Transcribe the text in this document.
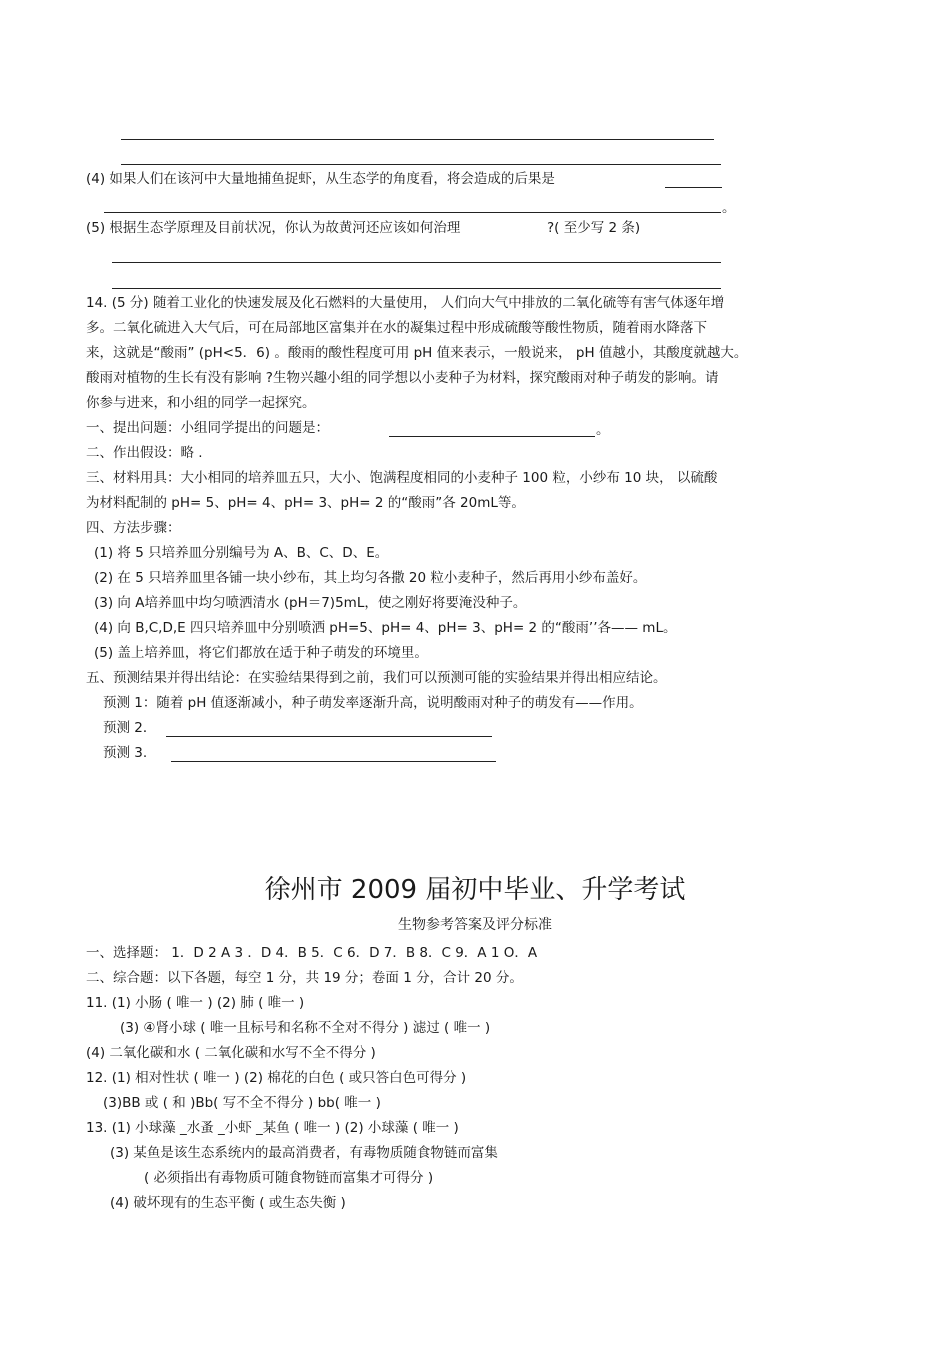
(4) 如果人们在该河中大量地捕鱼捉虾，从生态学的角度看，将会造成的后果是
。
(5) 根据生态学原理及目前状况，你认为故黄河还应该如何治理	?( 至少写 2 条)
14. (5 分) 随着工业化的快速发展及化石燃料的大量使用， 人们向大气中排放的二氧化硫等有害气体逐年增
多。二氧化硫进入大气后，可在局部地区富集并在水的凝集过程中形成硫酸等酸性物质，随着雨水降落下
来，这就是“酸雨” (pH<5．6) 。酸雨的酸性程度可用 pH 值来表示，一般说来， pH 值越小，其酸度就越大。
酸雨对植物的生长有没有影响 ?生物兴趣小组的同学想以小麦种子为材料，探究酸雨对种子萌发的影响。请
你参与进来，和小组的同学一起探究。
一、提出问题：小组同学提出的问题是：	。
二、作出假设：略 .
三、材料用具：大小相同的培养皿五只，大小、饱满程度相同的小麦种子 100 粒，小纱布 10 块， 以硫酸
为材料配制的 pH= 5、pH= 4、pH= 3、pH= 2 的“酸雨”各 20mL等。
四、方法步骤：
(1) 将 5 只培养皿分别编号为 A、B、C、D、E。
(2) 在 5 只培养皿里各铺一块小纱布，其上均匀各撒 20 粒小麦种子，然后再用小纱布盖好。
(3) 向 A培养皿中均匀喷洒清水 (pH＝7)5mL，使之刚好将要淹没种子。
(4) 向 B,C,D,E 四只培养皿中分别喷洒 pH=5、pH= 4、pH= 3、pH= 2 的“酸雨’’各—— mL。
(5) 盖上培养皿，将它们都放在适于种子萌发的环境里。
五、预测结果并得出结论：在实验结果得到之前，我们可以预测可能的实验结果并得出相应结论。
预测 1：随着 pH 值逐渐减小，种子萌发率逐渐升高，说明酸雨对种子的萌发有——作用。
预测 2．
预测 3.
徐州市 2009 届初中毕业、升学考试
生物参考答案及评分标准
一、选择题： 1．D 2 A 3 ．D 4．B 5．C 6．D 7．B 8．C 9．A 1 O．A
二、综合题：以下各题，每空 1 分，共 19 分；卷面 1 分，合计 20 分。
11. (1) 小肠 ( 唯一 ) (2) 肺 ( 唯一 )
(3) ④肾小球 ( 唯一且标号和名称不全对不得分 ) 滤过 ( 唯一 )
(4) 二氧化碳和水 ( 二氧化碳和水写不全不得分 )
12. (1) 相对性状 ( 唯一 ) (2) 棉花的白色 ( 或只答白色可得分 )
(3)BB 或 ( 和 )Bb( 写不全不得分 ) bb( 唯一 )
13. (1) 小球藻 _水蚤 _小虾 _某鱼 ( 唯一 ) (2) 小球藻 ( 唯一 )
(3) 某鱼是该生态系统内的最高消费者，有毒物质随食物链而富集
( 必须指出有毒物质可随食物链而富集才可得分 )
(4) 破坏现有的生态平衡 ( 或生态失衡 )
